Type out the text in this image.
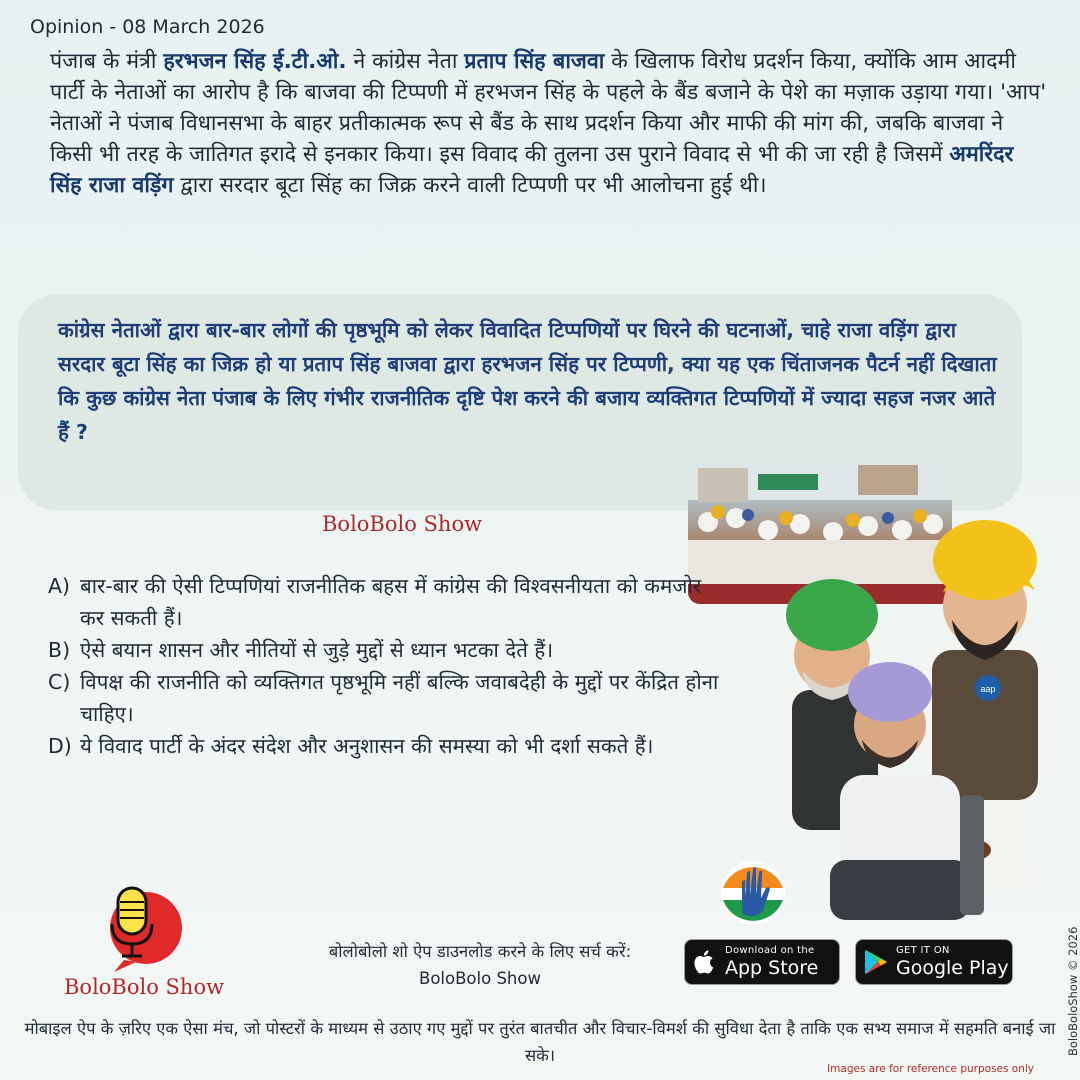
Opinion - 08 March 2026
पंजाब के मंत्री हरभजन सिंह ई.टी.ओ. ने कांग्रेस नेता प्रताप सिंह बाजवा के खिलाफ विरोध प्रदर्शन किया, क्योंकि आम आदमी पार्टी के नेताओं का आरोप है कि बाजवा की टिप्पणी में हरभजन सिंह के पहले के बैंड बजाने के पेशे का मज़ाक उड़ाया गया। 'आप' नेताओं ने पंजाब विधानसभा के बाहर प्रतीकात्मक रूप से बैंड के साथ प्रदर्शन किया और माफी की मांग की, जबकि बाजवा ने किसी भी तरह के जातिगत इरादे से इनकार किया। इस विवाद की तुलना उस पुराने विवाद से भी की जा रही है जिसमें अमरिंदर सिंह राजा वड़िंग द्वारा सरदार बूटा सिंह का जिक्र करने वाली टिप्पणी पर भी आलोचना हुई थी।
कांग्रेस नेताओं द्वारा बार-बार लोगों की पृष्ठभूमि को लेकर विवादित टिप्पणियों पर घिरने की घटनाओं, चाहे राजा वड़िंग द्वारा सरदार बूटा सिंह का जिक्र हो या प्रताप सिंह बाजवा द्वारा हरभजन सिंह पर टिप्पणी, क्या यह एक चिंताजनक पैटर्न नहीं दिखाता कि कुछ कांग्रेस नेता पंजाब के लिए गंभीर राजनीतिक दृष्टि पेश करने की बजाय व्यक्तिगत टिप्पणियों में ज्यादा सहज नजर आते हैं ?
aap
BoloBolo Show
A) बार-बार की ऐसी टिप्पणियां राजनीतिक बहस में कांग्रेस की विश्वसनीयता को कमजोर कर सकती हैं।
B) ऐसे बयान शासन और नीतियों से जुड़े मुद्दों से ध्यान भटका देते हैं।
C) विपक्ष की राजनीति को व्यक्तिगत पृष्ठभूमि नहीं बल्कि जवाबदेही के मुद्दों पर केंद्रित होना चाहिए।
D) ये विवाद पार्टी के अंदर संदेश और अनुशासन की समस्या को भी दर्शा सकते हैं।
BoloBolo Show
बोलोबोलो शो ऐप डाउनलोड करने के लिए सर्च करें:
BoloBolo Show
Download on the
App Store
GET IT ON
Google Play
मोबाइल ऐप के ज़रिए एक ऐसा मंच, जो पोस्टरों के माध्यम से उठाए गए मुद्दों पर तुरंत बातचीत और विचार-विमर्श की सुविधा देता है ताकि एक सभ्य समाज में सहमति बनाई जा सके।
Images are for reference purposes only
BoloBoloShow © 2026
